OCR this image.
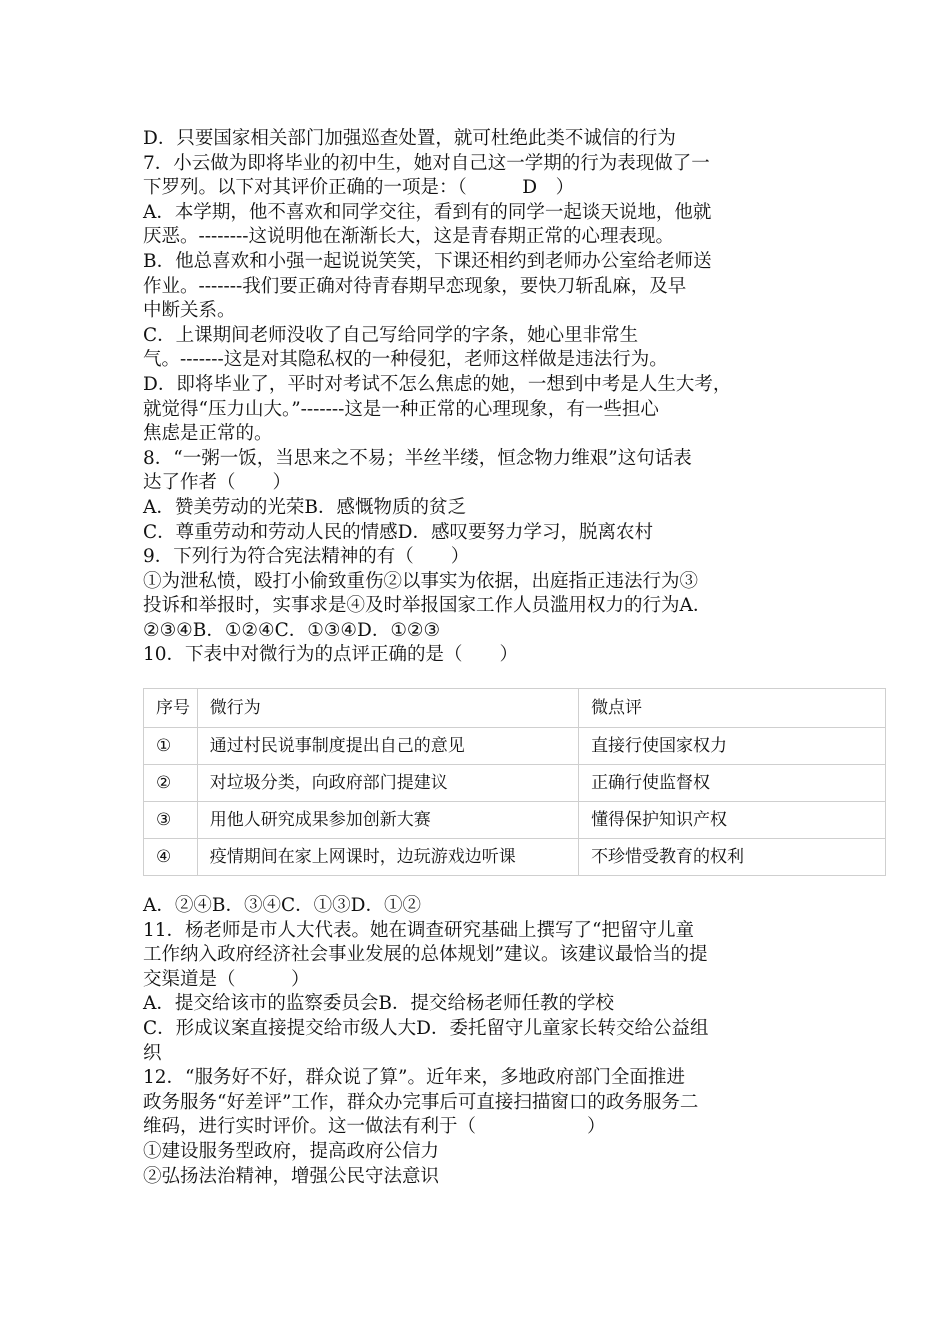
D．只要国家相关部门加强巡查处置，就可杜绝此类不诚信的行为
7．小云做为即将毕业的初中生，她对自己这一学期的行为表现做了一
下罗列。以下对其评价正确的一项是：（　　　D　）
A．本学期，他不喜欢和同学交往，看到有的同学一起谈天说地，他就
厌恶。--------这说明他在渐渐长大，这是青春期正常的心理表现。
B．他总喜欢和小强一起说说笑笑，下课还相约到老师办公室给老师送
作业。-------我们要正确对待青春期早恋现象，要快刀斩乱麻，及早
中断关系。
C．上课期间老师没收了自己写给同学的字条，她心里非常生
气。-------这是对其隐私权的一种侵犯，老师这样做是违法行为。
D．即将毕业了，平时对考试不怎么焦虑的她，一想到中考是人生大考，
就觉得“压力山大。”-------这是一种正常的心理现象，有一些担心
焦虑是正常的。
8．“一粥一饭，当思来之不易；半丝半缕，恒念物力维艰”这句话表
达了作者（　　）
A．赞美劳动的光荣B．感慨物质的贫乏
C．尊重劳动和劳动人民的情感D．感叹要努力学习，脱离农村
9．下列行为符合宪法精神的有（　　）
①为泄私愤，殴打小偷致重伤②以事实为依据，出庭指正违法行为③
投诉和举报时，实事求是④及时举报国家工作人员滥用权力的行为A．
②③④B．①②④C．①③④D．①②③
10．下表中对微行为的点评正确的是（　　）
序号	微行为	微点评
①	通过村民说事制度提出自己的意见	直接行使国家权力
②	对垃圾分类，向政府部门提建议	正确行使监督权
③	用他人研究成果参加创新大赛	懂得保护知识产权
④	疫情期间在家上网课时，边玩游戏边听课	不珍惜受教育的权利
A．②④B．③④C．①③D．①②
11．杨老师是市人大代表。她在调查研究基础上撰写了“把留守儿童
工作纳入政府经济社会事业发展的总体规划”建议。该建议最恰当的提
交渠道是（　　　）
A．提交给该市的监察委员会B．提交给杨老师任教的学校
C．形成议案直接提交给市级人大D．委托留守儿童家长转交给公益组
织
12．“服务好不好，群众说了算”。近年来，多地政府部门全面推进
政务服务“好差评”工作，群众办完事后可直接扫描窗口的政务服务二
维码，进行实时评价。这一做法有利于（　　　　　　）
①建设服务型政府，提高政府公信力
②弘扬法治精神，增强公民守法意识
